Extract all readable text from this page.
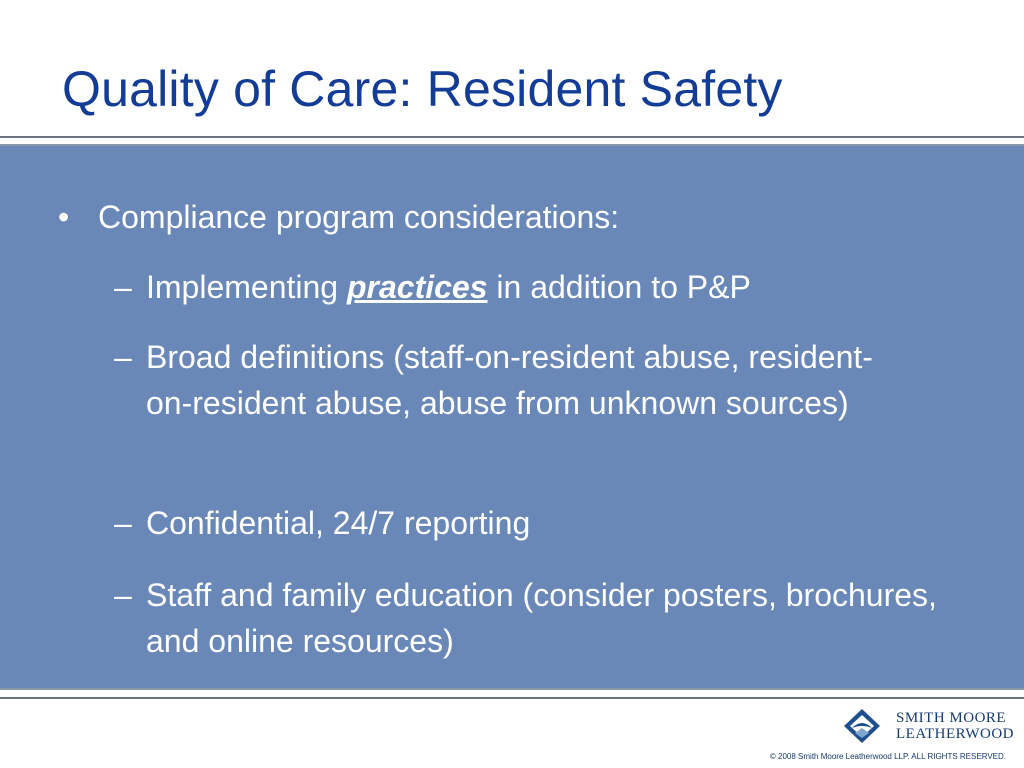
Quality of Care: Resident Safety
• Compliance program considerations:
– Implementing practices in addition to P&P
– Broad definitions (staff-on-resident abuse, resident-on-resident abuse, abuse from unknown sources)
– Confidential, 24/7 reporting
– Staff and family education (consider posters, brochures, and online resources)
SMITH MOORE
LEATHERWOOD
© 2008 Smith Moore Leatherwood LLP. ALL RIGHTS RESERVED.
